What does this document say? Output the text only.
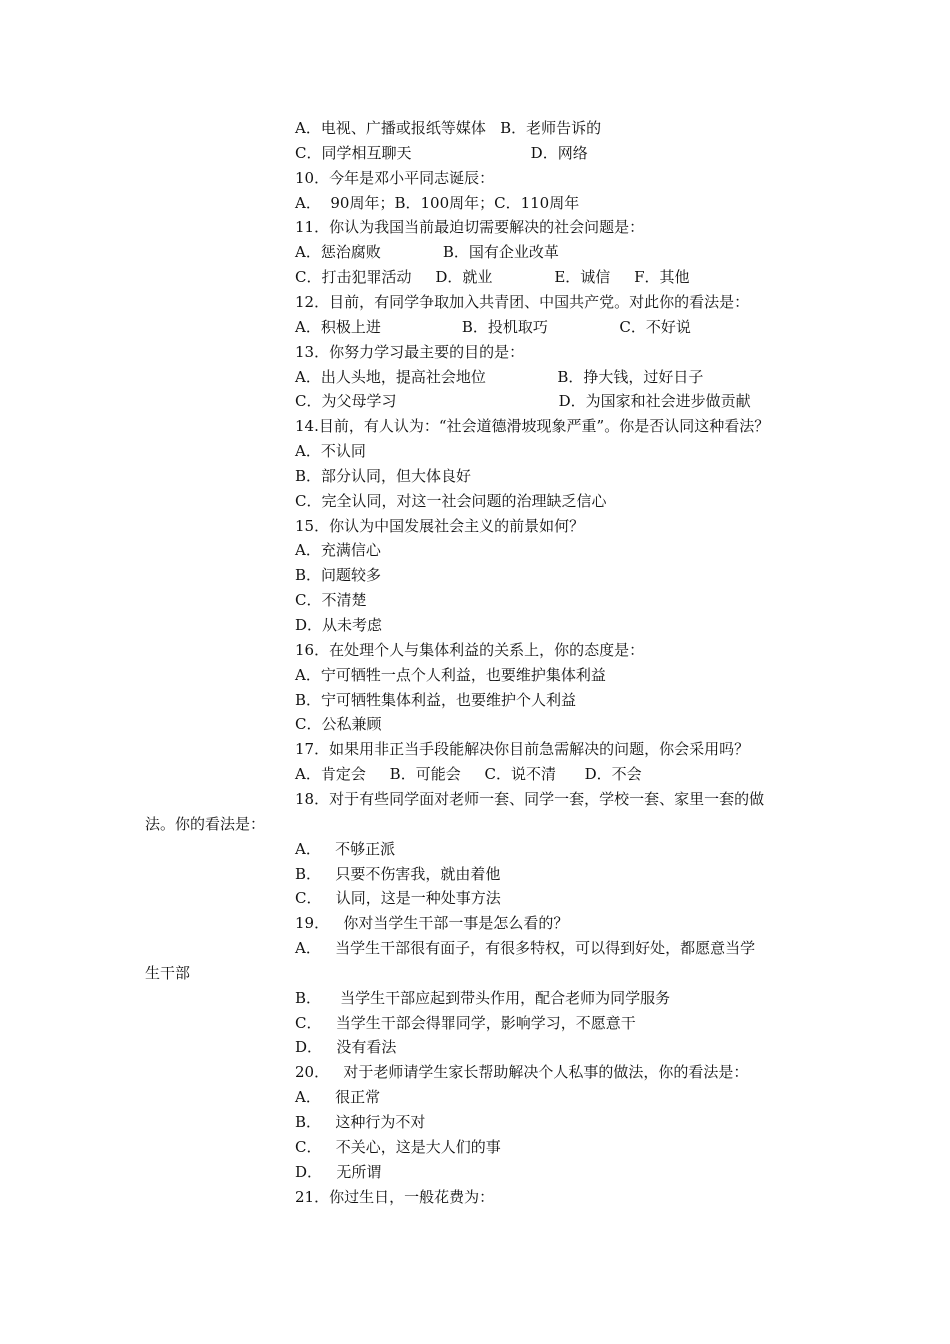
A．电视、广播或报纸等媒体   B．老师告诉的
C．同学相互聊天                         D．网络
10．今年是邓小平同志诞辰：
A．  90周年；B．100周年；C．110周年
11．你认为我国当前最迫切需要解决的社会问题是：
A．惩治腐败             B．国有企业改革
C．打击犯罪活动     D．就业             E．诚信     F．其他
12．目前，有同学争取加入共青团、中国共产党。对此你的看法是：
A．积极上进                 B．投机取巧               C．不好说
13．你努力学习最主要的目的是：
A．出人头地，提高社会地位               B．挣大钱，过好日子
C．为父母学习                                  D．为国家和社会进步做贡献
14.目前，有人认为：“社会道德滑坡现象严重”。你是否认同这种看法？
A．不认同
B．部分认同，但大体良好
C．完全认同，对这一社会问题的治理缺乏信心
15．你认为中国发展社会主义的前景如何？
A．充满信心
B．问题较多
C．不清楚
D．从未考虑
16．在处理个人与集体利益的关系上，你的态度是：
A．宁可牺牲一点个人利益，也要维护集体利益
B．宁可牺牲集体利益，也要维护个人利益
C．公私兼顾
17．如果用非正当手段能解决你目前急需解决的问题，你会采用吗？
A．肯定会     B．可能会     C．说不清      D．不会
18．对于有些同学面对老师一套、同学一套，学校一套、家里一套的做
法。你的看法是：
A．   不够正派
B．   只要不伤害我，就由着他
C．   认同，这是一种处事方法
19．   你对当学生干部一事是怎么看的？
A．   当学生干部很有面子，有很多特权，可以得到好处，都愿意当学
生干部
B．    当学生干部应起到带头作用，配合老师为同学服务
C．   当学生干部会得罪同学，影响学习，不愿意干
D．   没有看法
20．   对于老师请学生家长帮助解决个人私事的做法，你的看法是：
A．   很正常
B．   这种行为不对
C．   不关心，这是大人们的事
D．   无所谓
21．你过生日，一般花费为：
